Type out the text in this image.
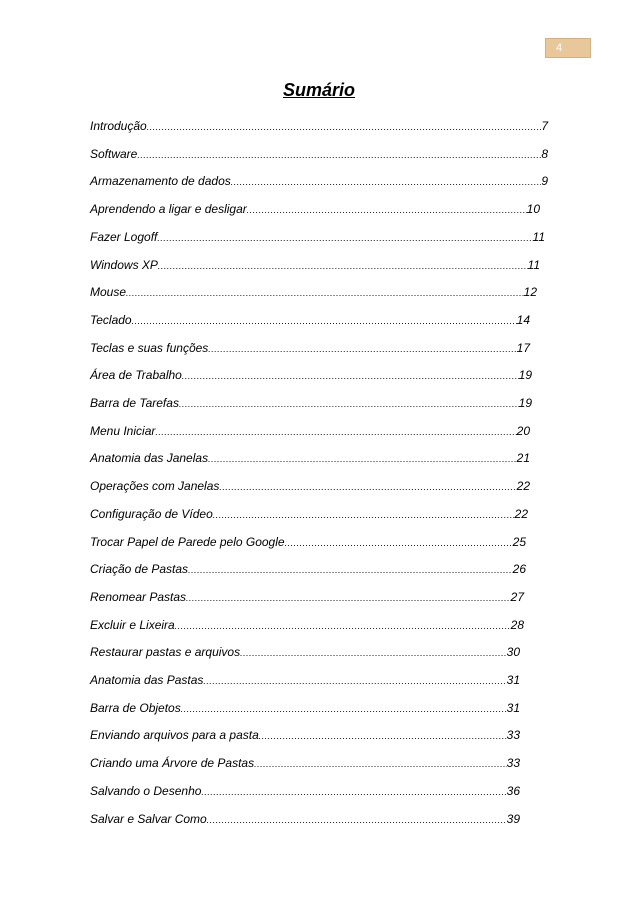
4
Sumário
Introdução .....	7
Software .....	8
Armazenamento de dados .....	9
Aprendendo a ligar e desligar .....	10
Fazer Logoff .....	11
Windows XP .....	11
Mouse .....	12
Teclado .....	14
Teclas e suas funções .....	17
Área de Trabalho .....	19
Barra de Tarefas .....	19
Menu Iniciar .....	20
Anatomia das Janelas .....	21
Operações com Janelas .....	22
Configuração de Vídeo .....	22
Trocar Papel de Parede pelo Google .....	25
Criação de Pastas .....	26
Renomear Pastas .....	27
Excluir e Lixeira .....	28
Restaurar pastas e arquivos .....	30
Anatomia das Pastas .....	31
Barra de Objetos .....	31
Enviando arquivos para a pasta .....	33
Criando uma Árvore de Pastas .....	33
Salvando o Desenho .....	36
Salvar e Salvar Como .....	39
